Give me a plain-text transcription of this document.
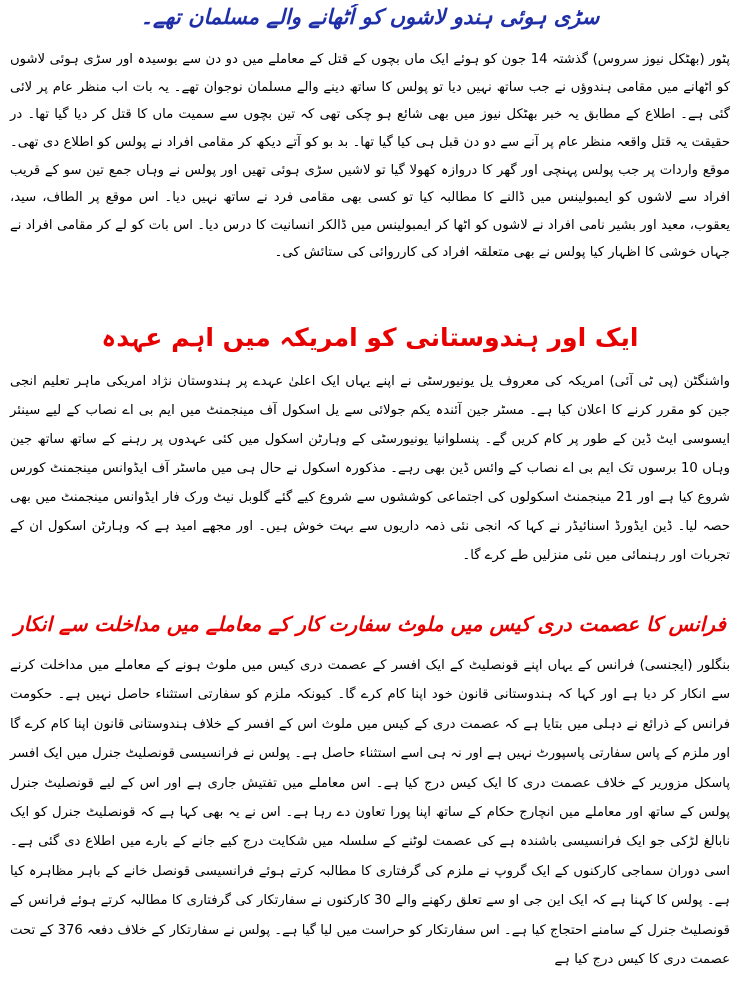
سڑی ہوئی ہندو لاشوں کو اُٹھانے والے مسلمان تھے۔

پٹور (بھٹکل نیوز سروس) گذشتہ 14 جون کو ہوئے ایک ماں بچوں کے قتل کے معاملے میں دو دن سے بوسیدہ اور سڑی ہوئی لاشوں کو اٹھانے میں مقامی ہندوؤں نے جب ساتھ نہیں دیا تو پولس کا ساتھ دینے والے مسلمان نوجوان تھے۔ یہ بات اب منظر عام پر لائی گئی ہے۔ اطلاع کے مطابق یہ خبر بھٹکل نیوز میں بھی شائع ہو چکی تھی کہ تین بچوں سے سمیت ماں کا قتل کر دیا گیا تھا۔ در حقیقت یہ قتل واقعہ منظر عام پر آنے سے دو دن قبل ہی کیا گیا تھا۔ بد بو کو آتے دیکھ کر مقامی افراد نے پولس کو اطلاع دی تھی۔ موقع واردات پر جب پولس پہنچی اور گھر کا دروازہ کھولا گیا تو لاشیں سڑی ہوئی تھیں اور پولس نے وہاں جمع تین سو کے قریب افراد سے لاشوں کو ایمبولینس میں ڈالنے کا مطالبہ کیا تو کسی بھی مقامی فرد نے ساتھ نہیں دیا۔ اس موقع پر الطاف، سید، یعقوب، معید اور بشیر نامی افراد نے لاشوں کو اٹھا کر ایمبولینس میں ڈالکر انسانیت کا درس دیا۔ اس بات کو لے کر مقامی افراد نے جہاں خوشی کا اظہار کیا پولس نے بھی متعلقہ افراد کی کارروائی کی ستائش کی۔

ایک اور ہندوستانی کو امریکہ میں اہم عہدہ

واشنگٹن (پی ٹی آئی) امریکہ کی معروف یل یونیورسٹی نے اپنے یہاں ایک اعلیٰ عہدے پر ہندوستان نژاد امریکی ماہر تعلیم انجی جین کو مقرر کرنے کا اعلان کیا ہے۔ مسٹر جین آئندہ یکم جولائی سے یل اسکول آف مینجمنٹ میں ایم بی اے نصاب کے لیے سینئر ایسوسی ایٹ ڈین کے طور پر کام کریں گے۔ پنسلوانیا یونیورسٹی کے وہارٹن اسکول میں کئی عہدوں پر رہنے کے ساتھ ساتھ جین وہاں 10 برسوں تک ایم بی اے نصاب کے وائس ڈین بھی رہے۔ مذکورہ اسکول نے حال ہی میں ماسٹر آف ایڈوانس مینجمنٹ کورس شروع کیا ہے اور 21 مینجمنٹ اسکولوں کی اجتماعی کوششوں سے شروع کیے گئے گلوبل نیٹ ورک فار ایڈوانس مینجمنٹ میں بھی حصہ لیا۔ ڈین ایڈورڈ اسنائیڈر نے کہا کہ انجی نئی ذمہ داریوں سے بہت خوش ہیں۔ اور مجھے امید ہے کہ وہارٹن اسکول ان کے تجربات اور رہنمائی میں نئی منزلیں طے کرے گا۔

فرانس کا عصمت دری کیس میں ملوث سفارت کار کے معاملے میں مداخلت سے انکار

بنگلور (ایجنسی) فرانس کے یہاں اپنے قونصلیٹ کے ایک افسر کے عصمت دری کیس میں ملوث ہونے کے معاملے میں مداخلت کرنے سے انکار کر دیا ہے اور کہا کہ ہندوستانی قانون خود اپنا کام کرے گا۔ کیونکہ ملزم کو سفارتی استثناء حاصل نہیں ہے۔ حکومت فرانس کے ذرائع نے دہلی میں بتایا ہے کہ عصمت دری کے کیس میں ملوث اس کے افسر کے خلاف ہندوستانی قانون اپنا کام کرے گا اور ملزم کے پاس سفارتی پاسپورٹ نہیں ہے اور نہ ہی اسے استثناء حاصل ہے۔ پولس نے فرانسیسی قونصلیٹ جنرل میں ایک افسر پاسکل مزوریر کے خلاف عصمت دری کا ایک کیس درج کیا ہے۔ اس معاملے میں تفتیش جاری ہے اور اس کے لیے قونصلیٹ جنرل پولس کے ساتھ اور معاملے میں انچارج حکام کے ساتھ اپنا پورا تعاون دے رہا ہے۔ اس نے یہ بھی کہا ہے کہ قونصلیٹ جنرل کو ایک نابالغ لڑکی جو ایک فرانسیسی باشندہ ہے کی عصمت لوٹنے کے سلسلہ میں شکایت درج کیے جانے کے بارے میں اطلاع دی گئی ہے۔ اسی دوران سماجی کارکنوں کے ایک گروپ نے ملزم کی گرفتاری کا مطالبہ کرتے ہوئے فرانسیسی قونصل خانے کے باہر مظاہرہ کیا ہے۔ پولس کا کہنا ہے کہ ایک این جی او سے تعلق رکھنے والے 30 کارکنوں نے سفارتکار کی گرفتاری کا مطالبہ کرتے ہوئے فرانس کے قونصلیٹ جنرل کے سامنے احتجاج کیا ہے۔ اس سفارتکار کو حراست میں لیا گیا ہے۔ پولس نے سفارتکار کے خلاف دفعہ 376 کے تحت عصمت دری کا کیس درج کیا ہے
